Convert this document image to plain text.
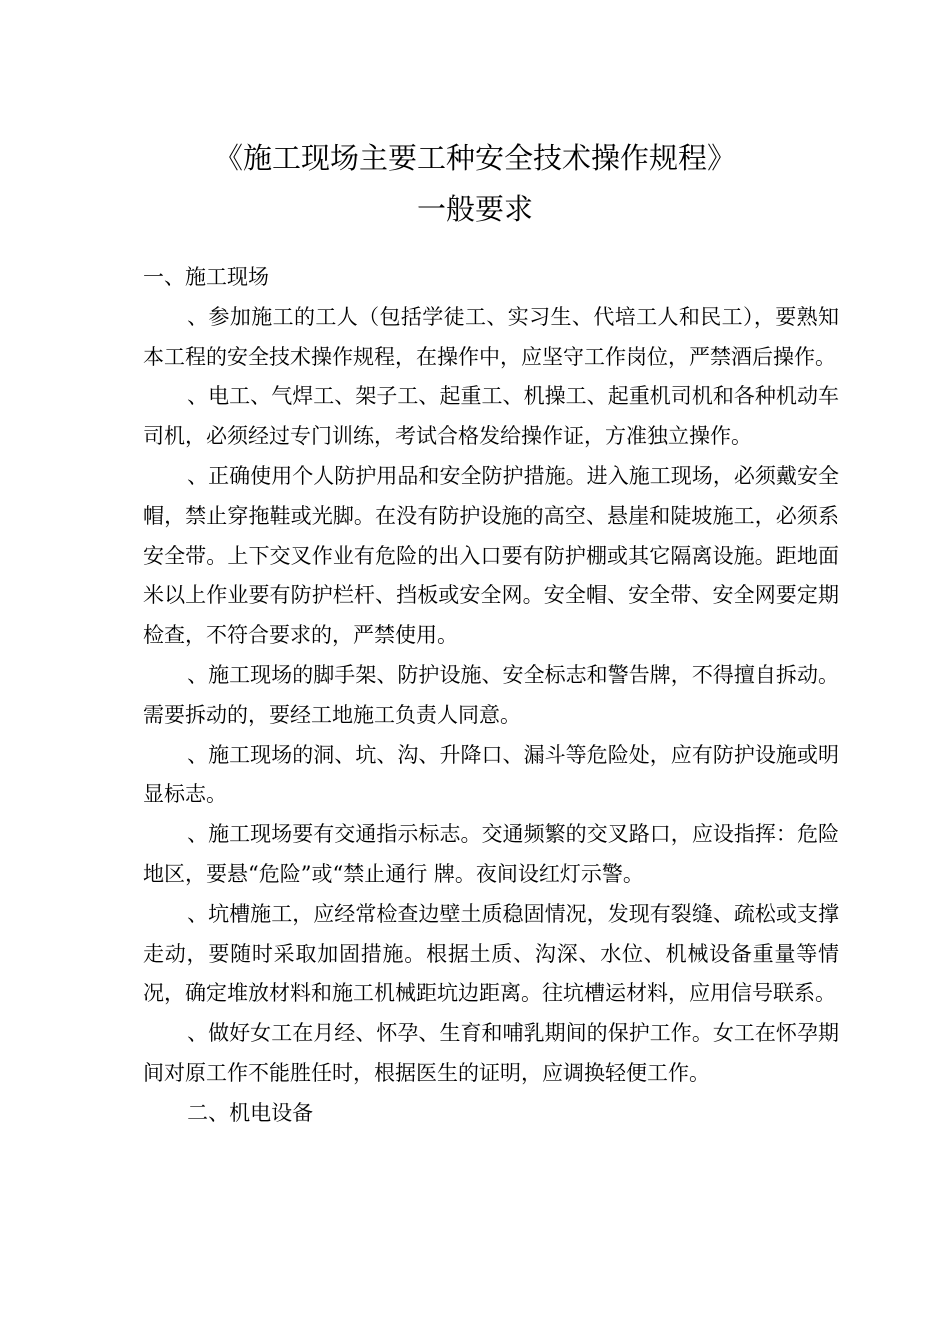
《施工现场主要工种安全技术操作规程》
一般要求

一、施工现场

、参加施工的工人（包括学徒工、实习生、代培工人和民工），要熟知本工程的安全技术操作规程，在操作中，应坚守工作岗位，严禁酒后操作。

、电工、气焊工、架子工、起重工、机操工、起重机司机和各种机动车司机，必须经过专门训练，考试合格发给操作证，方准独立操作。

、正确使用个人防护用品和安全防护措施。进入施工现场，必须戴安全帽，禁止穿拖鞋或光脚。在没有防护设施的高空、悬崖和陡坡施工，必须系安全带。上下交叉作业有危险的出入口要有防护棚或其它隔离设施。距地面　米以上作业要有防护栏杆、挡板或安全网。安全帽、安全带、安全网要定期检查，不符合要求的，严禁使用。

、施工现场的脚手架、防护设施、安全标志和警告牌，不得擅自拆动。需要拆动的，要经工地施工负责人同意。

、施工现场的洞、坑、沟、升降口、漏斗等危险处，应有防护设施或明显标志。

、施工现场要有交通指示标志。交通频繁的交叉路口，应设指挥：危险地区，要悬“危险”或“禁止通行 牌。夜间设红灯示警。

、坑槽施工，应经常检查边壁土质稳固情况，发现有裂缝、疏松或支撑走动，要随时采取加固措施。根据土质、沟深、水位、机械设备重量等情况，确定堆放材料和施工机械距坑边距离。往坑槽运材料，应用信号联系。

、做好女工在月经、怀孕、生育和哺乳期间的保护工作。女工在怀孕期间对原工作不能胜任时，根据医生的证明，应调换轻便工作。

二、机电设备
